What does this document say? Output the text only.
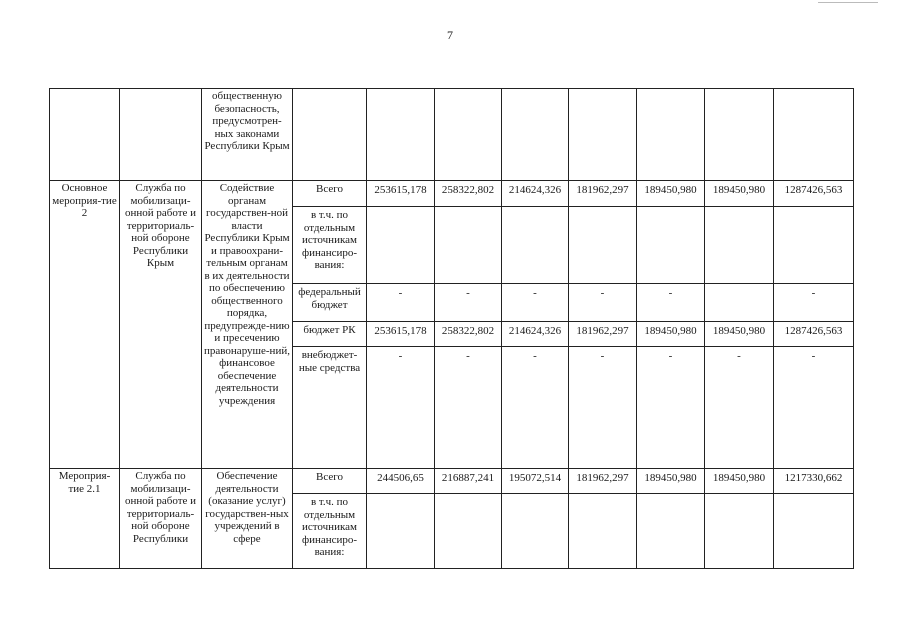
7
		общественную безопасность, предусмотрен-ных законами Республики Крым								
Основное мероприя-тие 2	Служба по мобилизаци-онной работе и территориаль-ной обороне Республики Крым	Содействие органам государствен-ной власти Республики Крым и правоохрани-тельным органам в их деятельности по обеспечению общественного порядка, предупрежде-нию и пресечению правонаруше-ний, финансовое обеспечение деятельности учреждения	Всего	253615,178	258322,802	214624,326	181962,297	189450,980	189450,980	1287426,563
			в т.ч. по отдельным источникам финансиро-вания:							
			федеральный бюджет	-	-	-	-	-		-
			бюджет РК	253615,178	258322,802	214624,326	181962,297	189450,980	189450,980	1287426,563
			внебюджет-ные средства	-	-	-	-	-	-	-
Мероприя-тие 2.1	Служба по мобилизаци-онной работе и территориаль-ной обороне Республики	Обеспечение деятельности (оказание услуг) государствен-ных учреждений в сфере	Всего	244506,65	216887,241	195072,514	181962,297	189450,980	189450,980	1217330,662
			в т.ч. по отдельным источникам финансиро-вания:							
